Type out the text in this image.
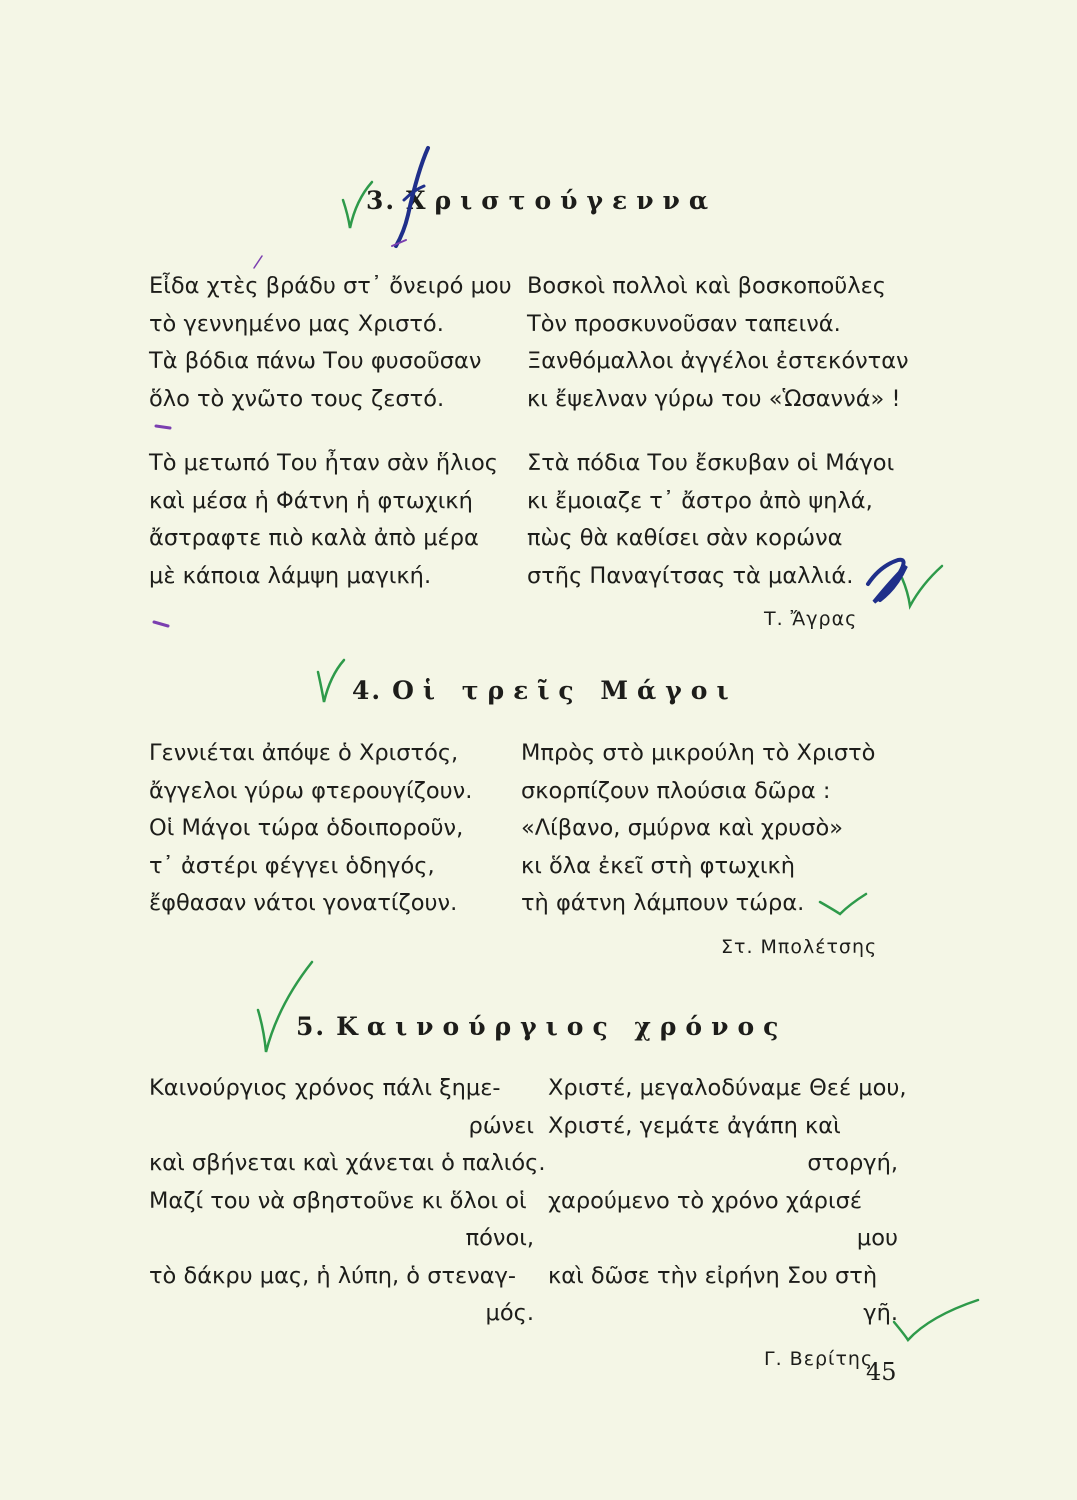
3. Χριστούγεννα
Εἶδα χτὲς βράδυ στ᾿ ὄνειρό μου
τὸ γεννημένο μας Χριστό.
Τὰ βόδια πάνω Του φυσοῦσαν
ὅλο τὸ χνῶτο τους ζεστό.
Τὸ μετωπό Του ἦταν σὰν ἥλιος
καὶ μέσα ἡ Φάτνη ἡ φτωχική
ἄστραφτε πιὸ καλὰ ἀπὸ μέρα
μὲ κάποια λάμψη μαγική.
Βοσκοὶ πολλοὶ καὶ βοσκοποῦλες
Τὸν προσκυνοῦσαν ταπεινά.
Ξανθόμαλλοι ἀγγέλοι ἐστεκόνταν
κι ἔψελναν γύρω του «Ὡσαννά» !
Στὰ πόδια Του ἔσκυβαν οἱ Μάγοι
κι ἔμοιαζε τ᾿ ἄστρο ἀπὸ ψηλά,
πὼς θὰ καθίσει σὰν κορώνα
στῆς Παναγίτσας τὰ μαλλιά.
Τ. Ἄγρας
4. Οἱ τρεῖς Μάγοι
Γεννιέται ἀπόψε ὁ Χριστός,
ἄγγελοι γύρω φτερουγίζουν.
Οἱ Μάγοι τώρα ὁδοιποροῦν,
τ᾿ ἀστέρι φέγγει ὁδηγός,
ἔφθασαν νάτοι γονατίζουν.
Μπρὸς στὸ μικρούλη τὸ Χριστὸ
σκορπίζουν πλούσια δῶρα :
«Λίβανο, σμύρνα καὶ χρυσὸ»
κι ὅλα ἐκεῖ στὴ φτωχικὴ
τὴ φάτνη λάμπουν τώρα.
Στ. Μπολέτσης
5. Καινούργιος χρόνος
Καινούργιος χρόνος πάλι ξημε-
ρώνει
καὶ σβήνεται καὶ χάνεται ὁ παλιός.
Μαζί του νὰ σβηστοῦνε κι ὅλοι οἱ
πόνοι,
τὸ δάκρυ μας, ἡ λύπη, ὁ στεναγ-
μός.
Χριστέ, μεγαλοδύναμε Θεέ μου,
Χριστέ, γεμάτε ἀγάπη καὶ
στοργή,
χαρούμενο τὸ χρόνο χάρισέ
μου
καὶ δῶσε τὴν εἰρήνη Σου στὴ
γῆ.
Γ. Βερίτης
45
